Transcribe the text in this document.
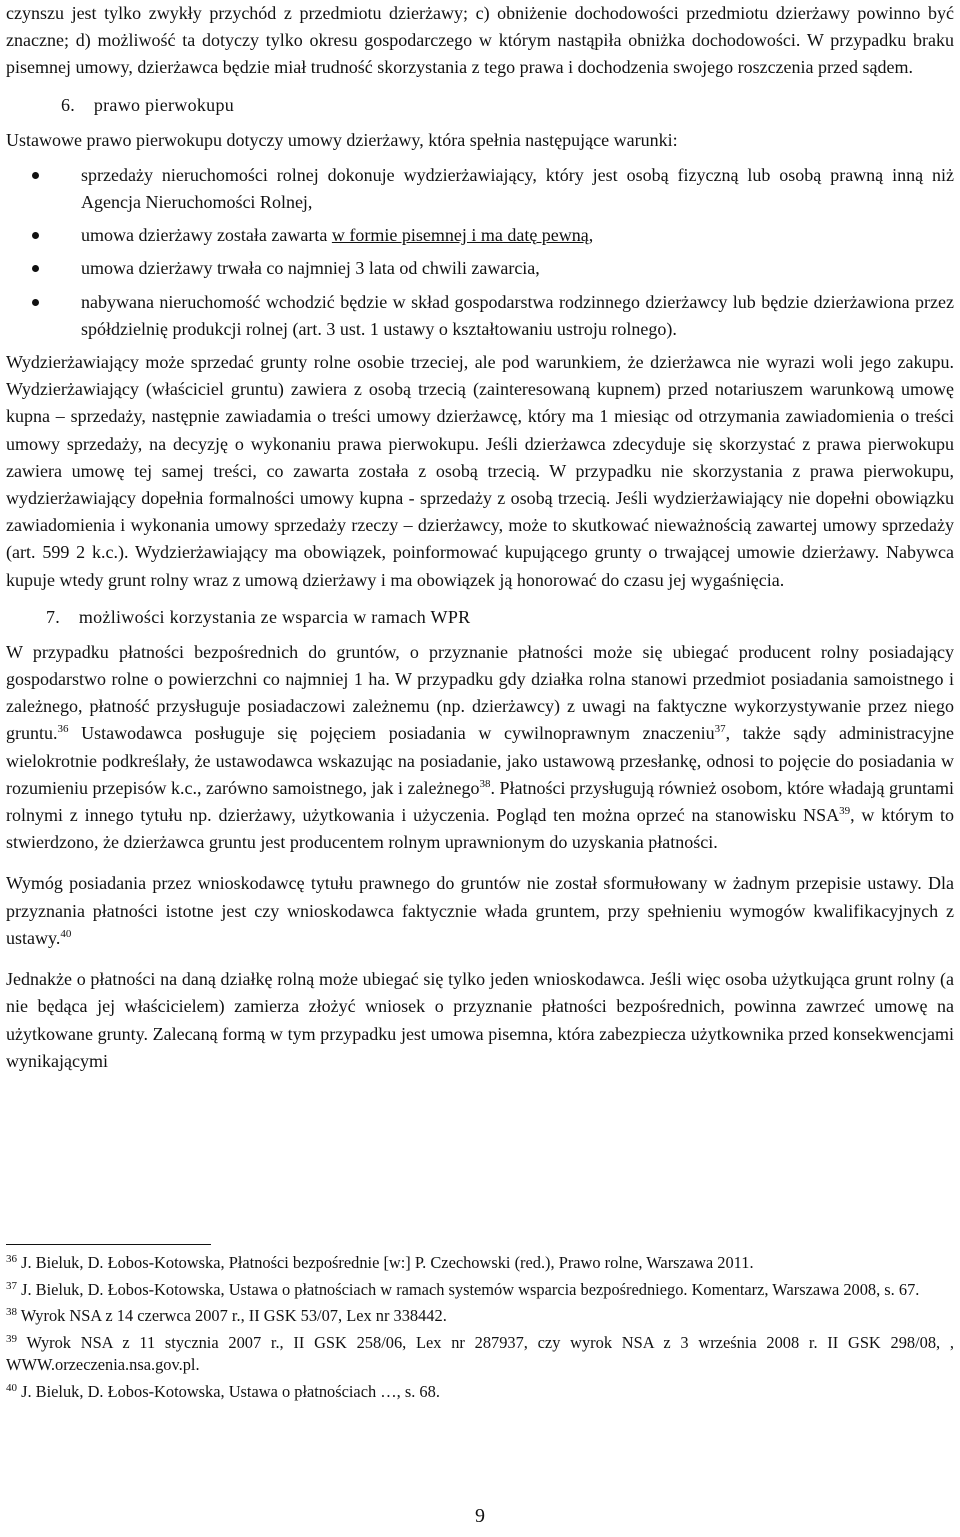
czynszu jest tylko zwykły przychód z przedmiotu dzierżawy; c) obniżenie dochodowości przedmiotu dzierżawy powinno być znaczne; d) możliwość ta dotyczy tylko okresu gospodarczego w którym nastąpiła obniżka dochodowości. W przypadku braku pisemnej umowy, dzierżawca będzie miał trudność skorzystania z tego prawa i dochodzenia swojego roszczenia przed sądem.

6. prawo pierwokupu

Ustawowe prawo pierwokupu dotyczy umowy dzierżawy, która spełnia następujące warunki:

sprzedaży nieruchomości rolnej dokonuje wydzierżawiający, który jest osobą fizyczną lub osobą prawną inną niż Agencja Nieruchomości Rolnej,
umowa dzierżawy została zawarta w formie pisemnej i ma datę pewną,
umowa dzierżawy trwała co najmniej 3 lata od chwili zawarcia,
nabywana nieruchomość wchodzić będzie w skład gospodarstwa rodzinnego dzierżawcy lub będzie dzierżawiona przez spółdzielnię produkcji rolnej (art. 3 ust. 1 ustawy o kształtowaniu ustroju rolnego).

Wydzierżawiający może sprzedać grunty rolne osobie trzeciej, ale pod warunkiem, że dzierżawca nie wyrazi woli jego zakupu. Wydzierżawiający (właściciel gruntu) zawiera z osobą trzecią (zainteresowaną kupnem) przed notariuszem warunkową umowę kupna – sprzedaży, następnie zawiadamia o treści umowy dzierżawcę, który ma 1 miesiąc od otrzymania zawiadomienia o treści umowy sprzedaży, na decyzję o wykonaniu prawa pierwokupu. Jeśli dzierżawca zdecyduje się skorzystać z prawa pierwokupu zawiera umowę tej samej treści, co zawarta została z osobą trzecią. W przypadku nie skorzystania z prawa pierwokupu, wydzierżawiający dopełnia formalności umowy kupna - sprzedaży z osobą trzecią. Jeśli wydzierżawiający nie dopełni obowiązku zawiadomienia i wykonania umowy sprzedaży rzeczy – dzierżawcy, może to skutkować nieważnością zawartej umowy sprzedaży (art. 599 2 k.c.). Wydzierżawiający ma obowiązek, poinformować kupującego grunty o trwającej umowie dzierżawy. Nabywca kupuje wtedy grunt rolny wraz z umową dzierżawy i ma obowiązek ją honorować do czasu jej wygaśnięcia.

7. możliwości korzystania ze wsparcia w ramach WPR

W przypadku płatności bezpośrednich do gruntów, o przyznanie płatności może się ubiegać producent rolny posiadający gospodarstwo rolne o powierzchni co najmniej 1 ha. W przypadku gdy działka rolna stanowi przedmiot posiadania samoistnego i zależnego, płatność przysługuje posiadaczowi zależnemu (np. dzierżawcy) z uwagi na faktyczne wykorzystywanie przez niego gruntu.$^{36}$ Ustawodawca posługuje się pojęciem posiadania w cywilnoprawnym znaczeniu$^{37}$, także sądy administracyjne wielokrotnie podkreślały, że ustawodawca wskazując na posiadanie, jako ustawową przesłankę, odnosi to pojęcie do posiadania w rozumieniu przepisów k.c., zarówno samoistnego, jak i zależnego$^{38}$. Płatności przysługują również osobom, które władają gruntami rolnymi z innego tytułu np. dzierżawy, użytkowania i użyczenia. Pogląd ten można oprzeć na stanowisku NSA$^{39}$, w którym to stwierdzono, że dzierżawca gruntu jest producentem rolnym uprawnionym do uzyskania płatności.

Wymóg posiadania przez wnioskodawcę tytułu prawnego do gruntów nie został sformułowany w żadnym przepisie ustawy. Dla przyznania płatności istotne jest czy wnioskodawca faktycznie włada gruntem, przy spełnieniu wymogów kwalifikacyjnych z ustawy.$^{40}$

Jednakże o płatności na daną działkę rolną może ubiegać się tylko jeden wnioskodawca. Jeśli więc osoba użytkująca grunt rolny (a nie będąca jej właścicielem) zamierza złożyć wniosek o przyznanie płatności bezpośrednich, powinna zawrzeć umowę na użytkowane grunty. Zalecaną formą w tym przypadku jest umowa pisemna, która zabezpiecza użytkownika przed konsekwencjami wynikającymi

$^{36}$ J. Bieluk, D. Łobos-Kotowska, Płatności bezpośrednie [w:] P. Czechowski (red.), Prawo rolne, Warszawa 2011.
$^{37}$ J. Bieluk, D. Łobos-Kotowska, Ustawa o płatnościach w ramach systemów wsparcia bezpośredniego. Komentarz, Warszawa 2008, s. 67.
$^{38}$ Wyrok NSA z 14 czerwca 2007 r., II GSK 53/07, Lex nr 338442.
$^{39}$ Wyrok NSA z 11 stycznia 2007 r., II GSK 258/06, Lex nr 287937, czy wyrok NSA z 3 września 2008 r. II GSK 298/08, , WWW.orzeczenia.nsa.gov.pl.
$^{40}$ J. Bieluk, D. Łobos-Kotowska, Ustawa o płatnościach …, s. 68.
9
